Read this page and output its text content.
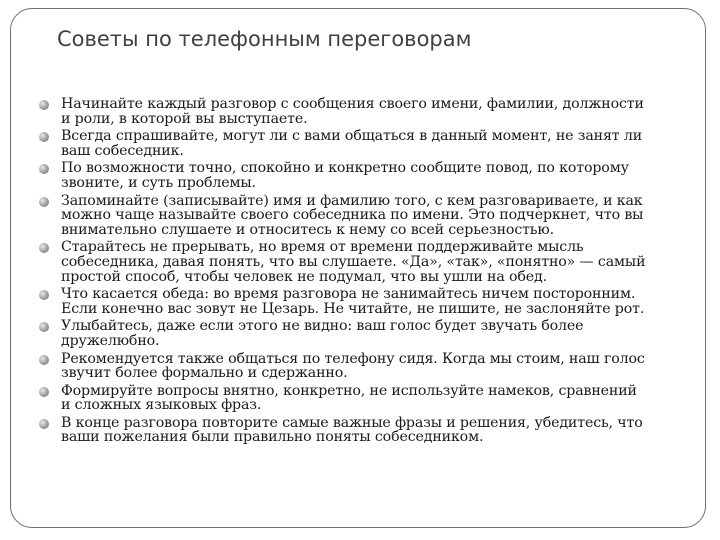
Советы по телефонным переговорам
Начинайте каждый разговор с сообщения своего имени, фамилии, должности
и роли, в которой вы выступаете.
Всегда спрашивайте, могут ли с вами общаться в данный момент, не занят ли
ваш собеседник.
По возможности точно, спокойно и конкретно сообщите повод, по которому
звоните, и суть проблемы.
Запоминайте (записывайте) имя и фамилию того, с кем разговариваете, и как
можно чаще называйте своего собеседника по имени. Это подчеркнет, что вы
внимательно слушаете и относитесь к нему со всей серьезностью.
Старайтесь не прерывать, но время от времени поддерживайте мысль
собеседника, давая понять, что вы слушаете. «Да», «так», «понятно» — самый
простой способ, чтобы человек не подумал, что вы ушли на обед.
Что касается обеда: во время разговора не занимайтесь ничем посторонним.
Если конечно вас зовут не Цезарь. Не читайте, не пишите, не заслоняйте рот.
Улыбайтесь, даже если этого не видно: ваш голос будет звучать более
дружелюбно.
Рекомендуется также общаться по телефону сидя. Когда мы стоим, наш голос
звучит более формально и сдержанно.
Формируйте вопросы внятно, конкретно, не используйте намеков, сравнений
и сложных языковых фраз.
В конце разговора повторите самые важные фразы и решения, убедитесь, что
ваши пожелания были правильно поняты собеседником.
